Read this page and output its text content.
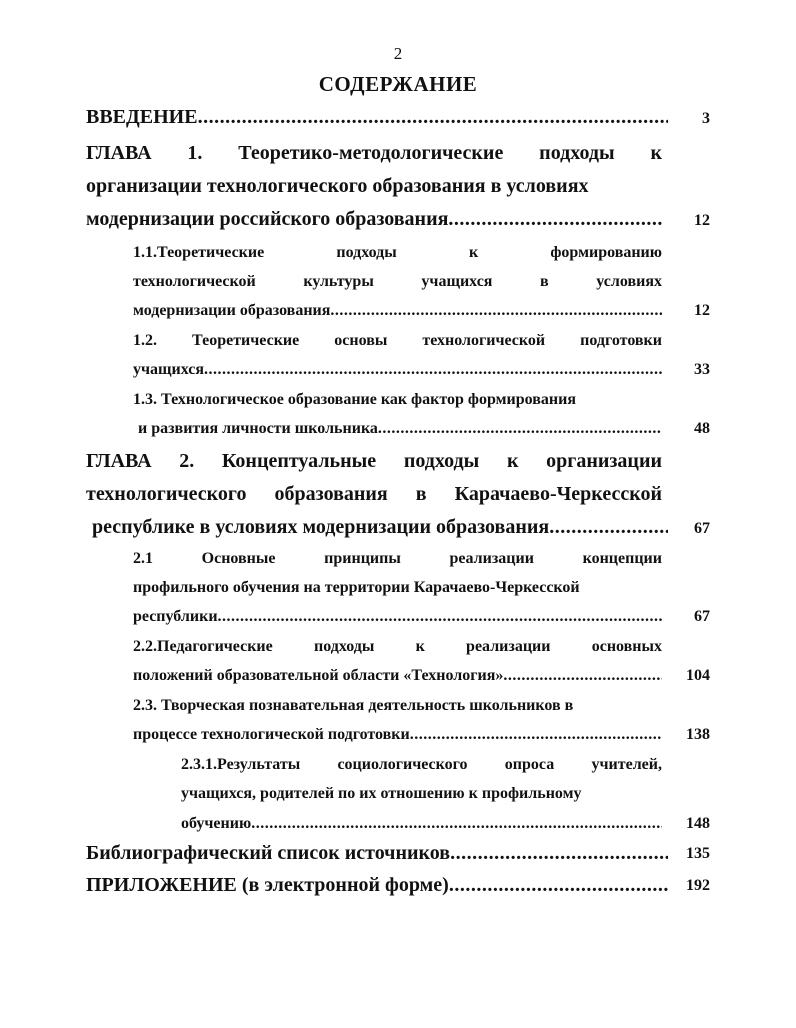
2
СОДЕРЖАНИЕ
ВВЕДЕНИЕ .....	3
ГЛАВА 1. Теоретико-методологические подходы к
организации технологического образования в условиях
модернизации российского образования .....	12
1.1.Теоретические подходы к формированию
технологической культуры учащихся в условиях
модернизации образования .....	12
1.2. Теоретические основы технологической подготовки
учащихся .....	33
1.3. Технологическое образование как фактор формирования
и развития личности школьника .....	48
ГЛАВА 2. Концептуальные подходы к организации
технологического образования в Карачаево-Черкесской
республике в условиях модернизации образования .....	67
2.1 Основные принципы реализации концепции
профильного обучения на территории Карачаево-Черкесской
республики .....	67
2.2.Педагогические подходы к реализации основных
положений образовательной области «Технология» .....	104
2.3. Творческая познавательная деятельность школьников в
процессе технологической подготовки .....	138
2.3.1.Результаты социологического опроса учителей,
учащихся, родителей по их отношению к профильному
обучению .....	148
Библиографический список источников .....	135
ПРИЛОЖЕНИЕ (в электронной форме) .....	192
